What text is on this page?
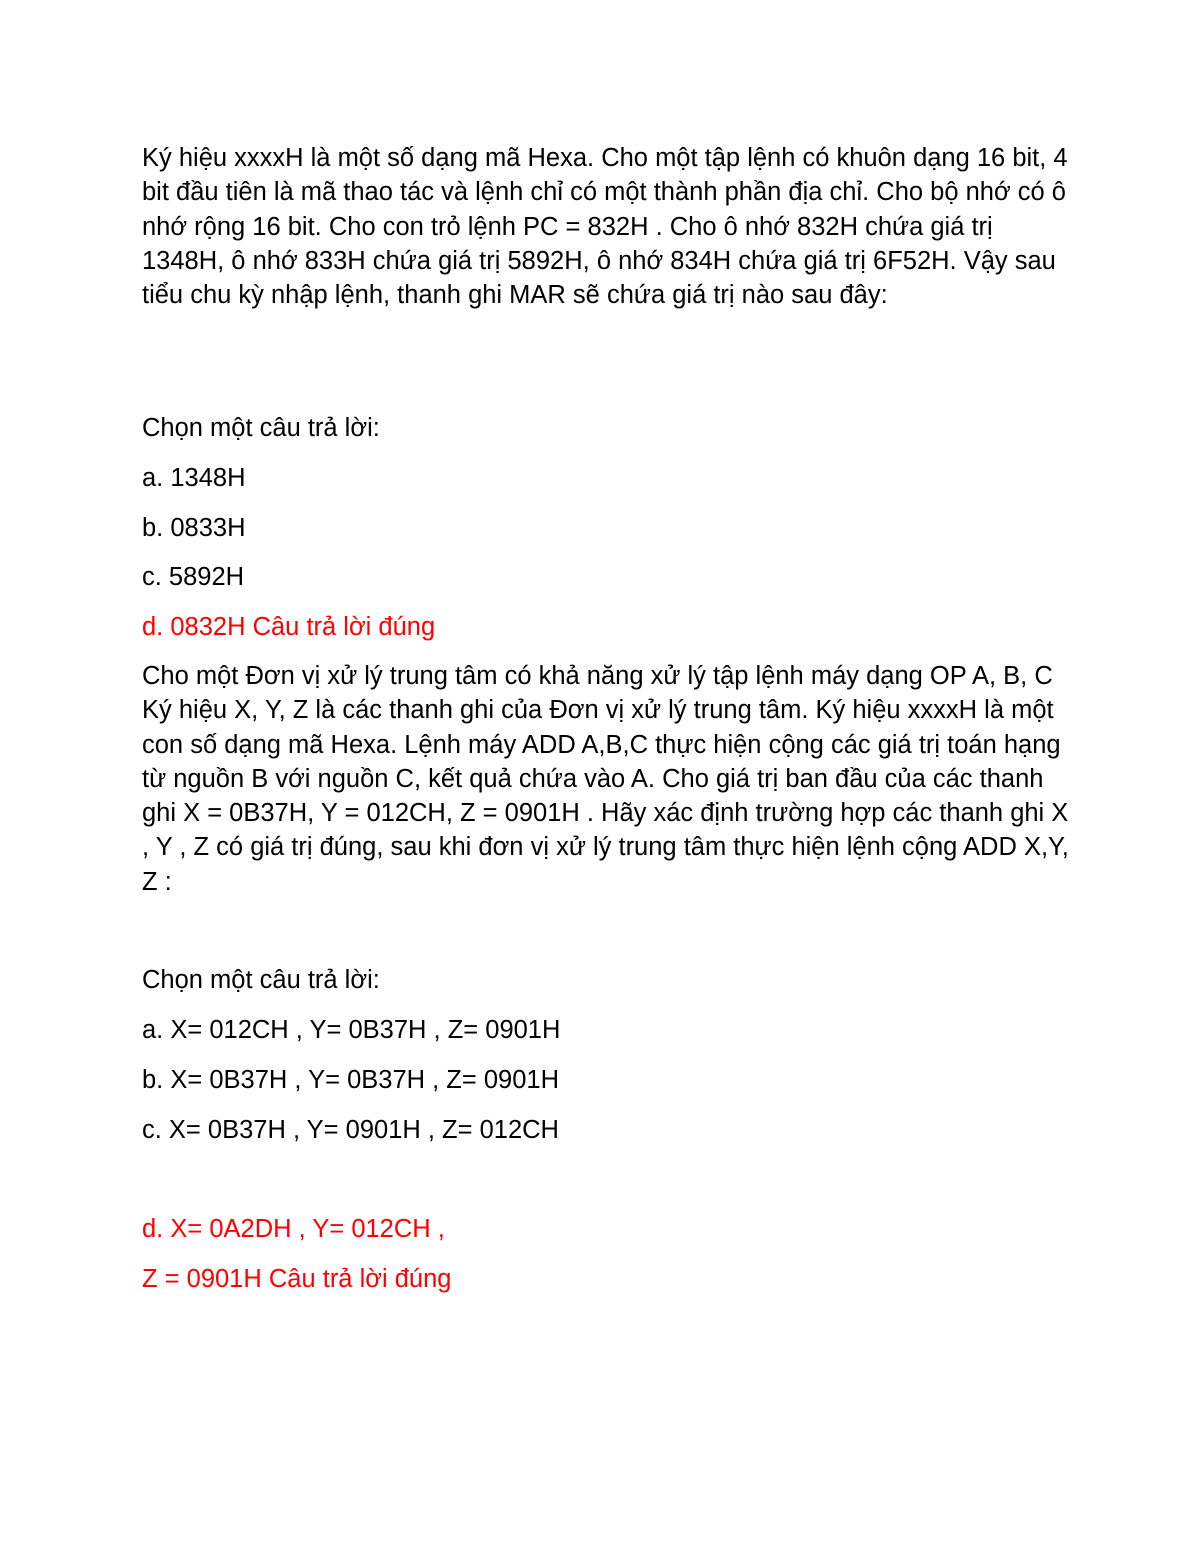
Ký hiệu xxxxH là một số dạng mã Hexa. Cho một tập lệnh có khuôn dạng 16 bit, 4 bit đầu tiên là mã thao tác và lệnh chỉ có một thành phần địa chỉ. Cho bộ nhớ có ô nhớ rộng 16 bit. Cho con trỏ lệnh PC = 832H . Cho ô nhớ 832H chứa giá trị 1348H, ô nhớ 833H chứa giá trị 5892H, ô nhớ 834H chứa giá trị 6F52H. Vậy sau tiểu chu kỳ nhập lệnh, thanh ghi MAR sẽ chứa giá trị nào sau đây:

Chọn một câu trả lời:

a. 1348H

b. 0833H

c. 5892H

d. 0832H Câu trả lời đúng

Cho một Đơn vị xử lý trung tâm có khả năng xử lý tập lệnh máy dạng OP A, B, C Ký hiệu X, Y, Z là các thanh ghi của Đơn vị xử lý trung tâm. Ký hiệu xxxxH là một con số dạng mã Hexa. Lệnh máy ADD A,B,C thực hiện cộng các giá trị toán hạng từ nguồn B với nguồn C, kết quả chứa vào A. Cho giá trị ban đầu của các thanh ghi X = 0B37H, Y = 012CH, Z = 0901H . Hãy xác định trường hợp các thanh ghi X , Y , Z có giá trị đúng, sau khi đơn vị xử lý trung tâm thực hiện lệnh cộng ADD X,Y, Z :

Chọn một câu trả lời:

a. X= 012CH , Y= 0B37H , Z= 0901H

b. X= 0B37H , Y= 0B37H , Z= 0901H

c. X= 0B37H , Y= 0901H , Z= 012CH

d. X= 0A2DH , Y= 012CH ,

Z = 0901H Câu trả lời đúng
